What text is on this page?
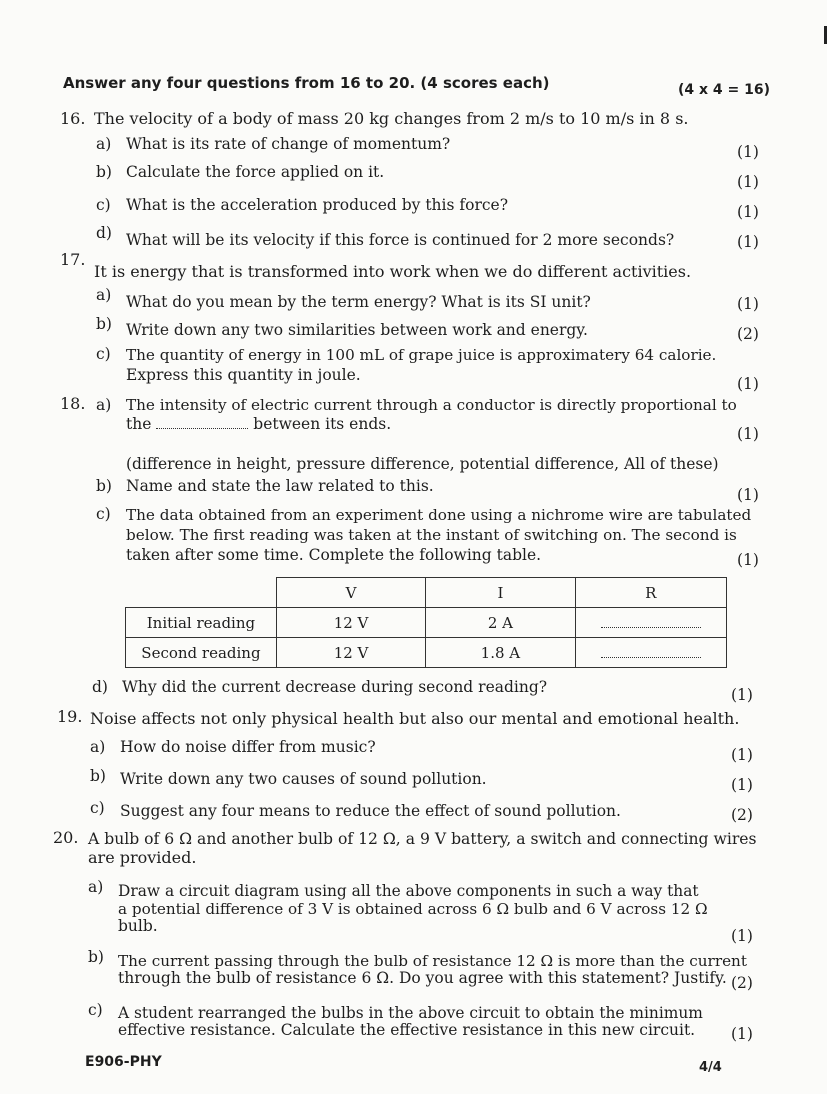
Answer any four questions from 16 to 20. (4 scores each)	(4 x 4 = 16)
16. The velocity of a body of mass 20 kg changes from 2 m/s to 10 m/s in 8 s.
a) What is its rate of change of momentum?	(1)
b) Calculate the force applied on it.
(1)
c) What is the acceleration produced by this force?	(1)
d) What will be its velocity if this force is continued for 2 more seconds?	(1)
17.
It is energy that is transformed into work when we do different activities.
a) What do you mean by the term energy? What is its SI unit?	(1)
b) Write down any two similarities between work and energy.	(2)
c) The quantity of energy in 100 mL of grape juice is approximatery 64 calorie.
Express this quantity in joule.	(1)
18. a) The intensity of electric current through a conductor is directly proportional to
the	between its ends.
(1)
(difference in height, pressure difference, potential difference, All of these)
b) Name and state the law related to this.	(1)
c) The data obtained from an experiment done using a nichrome wire are tabulated
below. The first reading was taken at the instant of switching on. The second is
taken after some time. Complete the following table.	(1)
	V	I	R
Initial reading	12 V	2 A	
Second reading	12 V	1.8 A	
d) Why did the current decrease during second reading?	(1)
19. Noise affects not only physical health but also our mental and emotional health.
a) How do noise differ from music?	(1)
b) Write down any two causes of sound pollution.	(1)
c) Suggest any four means to reduce the effect of sound pollution.	(2)
20. A bulb of 6 Ω and another bulb of 12 Ω, a 9 V battery, a switch and connecting wires
are provided.
a) Draw a circuit diagram using all the above components in such a way that
a potential difference of 3 V is obtained across 6 Ω bulb and 6 V across 12 Ω
bulb.
(1)
b) The current passing through the bulb of resistance 12 Ω is more than the current
through the bulb of resistance 6 Ω. Do you agree with this statement? Justify. (2)
c) A student rearranged the bulbs in the above circuit to obtain the minimum
effective resistance. Calculate the effective resistance in this new circuit. (1)
E906-PHY	4/4
